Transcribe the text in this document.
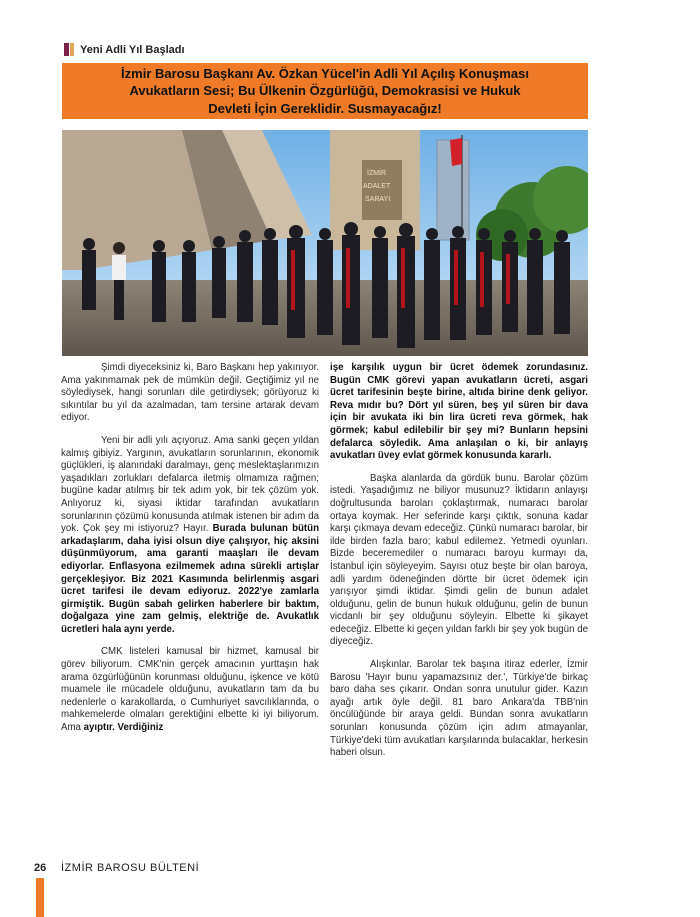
Yeni Adli Yıl Başladı
İzmir Barosu Başkanı Av. Özkan Yücel'in Adli Yıl Açılış Konuşması
Avukatların Sesi; Bu Ülkenin Özgürlüğü, Demokrasisi ve Hukuk
Devleti İçin Gereklidir. Susmayacağız!
İZMİR
ADALET
SARAYI

Şimdi diyeceksiniz ki, Baro Başkanı hep yakınıyor. Ama yakınmamak pek de mümkün değil. Geçtiğimiz yıl ne söylediysek, hangi sorunları dile getirdiysek; görüyoruz ki sıkıntılar bu yıl da azalmadan, tam tersine artarak devam ediyor.

Yeni bir adli yılı açıyoruz. Ama sanki geçen yıldan kalmış gibiyiz. Yargının, avukatların sorunlarının, ekonomik güçlükleri, iş alanındaki daralmayı, genç meslektaşlarımızın yaşadıkları zorlukları defalarca iletmiş olmamıza rağmen; bugüne kadar atılmış bir tek adım yok, bir tek çözüm yok. Anlıyoruz ki, siyasi iktidar tarafından avukatların sorunlarının çözümü konusunda atılmak istenen bir adım da yok. Çok şey mi istiyoruz? Hayır. Burada bulunan bütün arkadaşlarım, daha iyisi olsun diye çalışıyor, hiç aksini düşünmüyorum, ama garanti maaşları ile devam ediyorlar. Enflasyona ezilmemek adına sürekli artışlar gerçekleşiyor. Biz 2021 Kasımında belirlenmiş asgari ücret tarifesi ile devam ediyoruz. 2022'ye zamlarla girmiştik. Bugün sabah gelirken haberlere bir baktım, doğalgaza yine zam gelmiş, elektriğe de. Avukatlık ücretleri hala aynı yerde.

CMK listeleri kamusal bir hizmet, kamusal bir görev biliyorum. CMK'nin gerçek amacının yurttaşın hak arama özgürlüğünün korunması olduğunu, işkence ve kötü muamele ile mücadele olduğunu, avukatların tam da bu nedenlerle o karakollarda, o Cumhuriyet savcılıklarında, o mahkemelerde olmaları gerektiğini elbette ki iyi biliyorum. Ama ayıptır. Verdiğiniz

işe karşılık uygun bir ücret ödemek zorundasınız. Bugün CMK görevi yapan avukatların ücreti, asgari ücret tarifesinin beşte birine, altıda birine denk geliyor. Reva mıdır bu? Dört yıl süren, beş yıl süren bir dava için bir avukata iki bin lira ücreti reva görmek, hak görmek; kabul edilebilir bir şey mi? Bunların hepsini defalarca söyledik. Ama anlaşılan o ki, bir anlayış avukatları üvey evlat görmek konusunda kararlı.

Başka alanlarda da gördük bunu. Barolar çözüm istedi. Yaşadığımız ne biliyor musunuz? İktidarın anlayışı doğrultusunda baroları çoklaştırmak, numaracı barolar ortaya koymak. Her seferinde karşı çıktık, sonuna kadar karşı çıkmaya devam edeceğiz. Çünkü numaracı barolar, bir ilde birden fazla baro; kabul edilemez. Yetmedi oyunları. Bizde beceremediler o numaracı baroyu kurmayı da, İstanbul için söyleyeyim. Sayısı otuz beşte bir olan baroya, adli yardım ödeneğinden dörtte bir ücret ödemek için yarışıyor şimdi iktidar. Şimdi gelin de bunun adalet olduğunu, gelin de bunun hukuk olduğunu, gelin de bunun vicdanlı bir şey olduğunu söyleyin. Elbette ki şikayet edeceğiz. Elbette ki geçen yıldan farklı bir şey yok bugün de diyeceğiz.

Alışkınlar. Barolar tek başına itiraz ederler, İzmir Barosu 'Hayır bunu yapamazsınız der.', Türkiye'de birkaç baro daha ses çıkarır. Ondan sonra unutulur gider. Kazın ayağı artık öyle değil. 81 baro Ankara'da TBB'nin öncülüğünde bir araya geldi. Bundan sonra avukatların sorunları konusunda çözüm için adım atmayanlar, Türkiye'deki tüm avukatları karşılarında bulacaklar, herkesin haberi olsun.

26 İZMİR BAROSU BÜLTENİ
